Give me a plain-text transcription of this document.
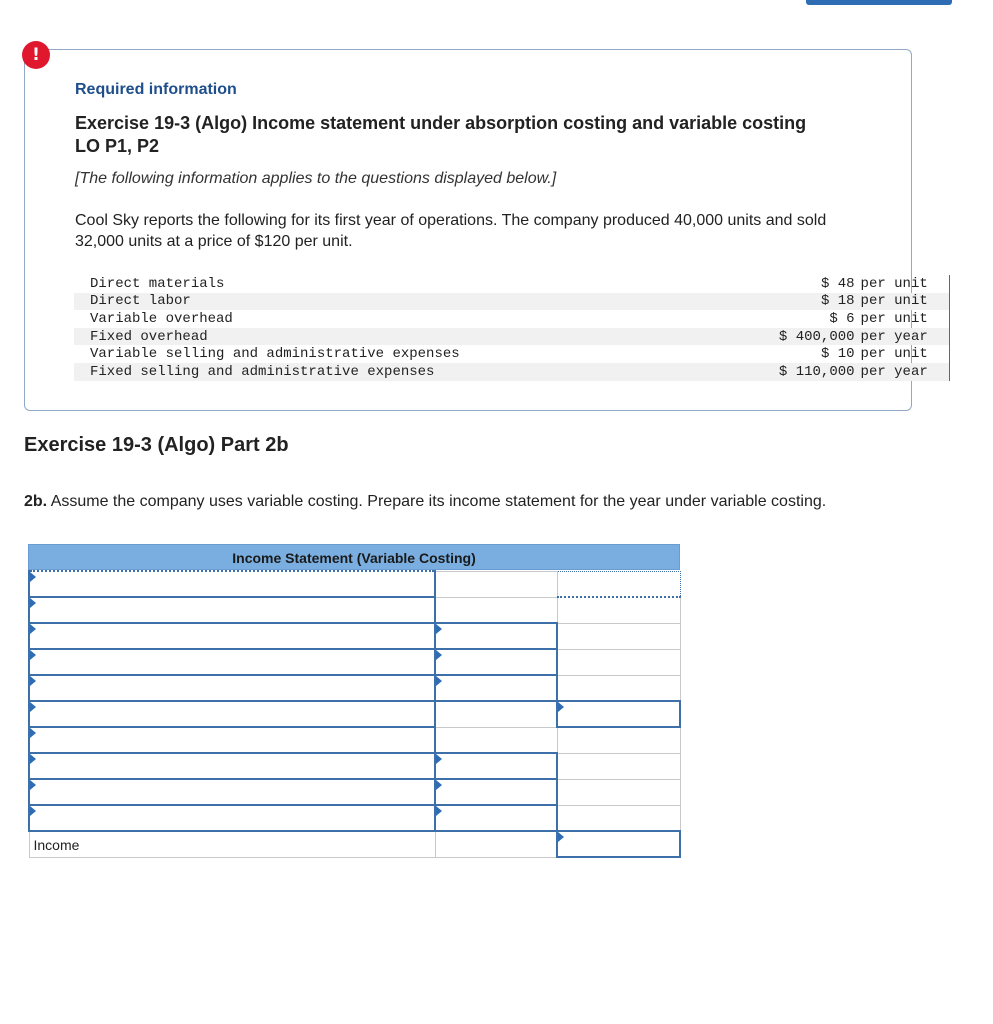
Required information
Exercise 19-3 (Algo) Income statement under absorption costing and variable costing LO P1, P2
[The following information applies to the questions displayed below.]
Cool Sky reports the following for its first year of operations. The company produced 40,000 units and sold 32,000 units at a price of $120 per unit.
Direct materials	$ 48	per unit
Direct labor	$ 18	per unit
Variable overhead	$ 6	per unit
Fixed overhead	$ 400,000	per year
Variable selling and administrative expenses	$ 10	per unit
Fixed selling and administrative expenses	$ 110,000	per year
!
Exercise 19-3 (Algo) Part 2b
2b. Assume the company uses variable costing. Prepare its income statement for the year under variable costing.
Income Statement (Variable Costing)

Income
